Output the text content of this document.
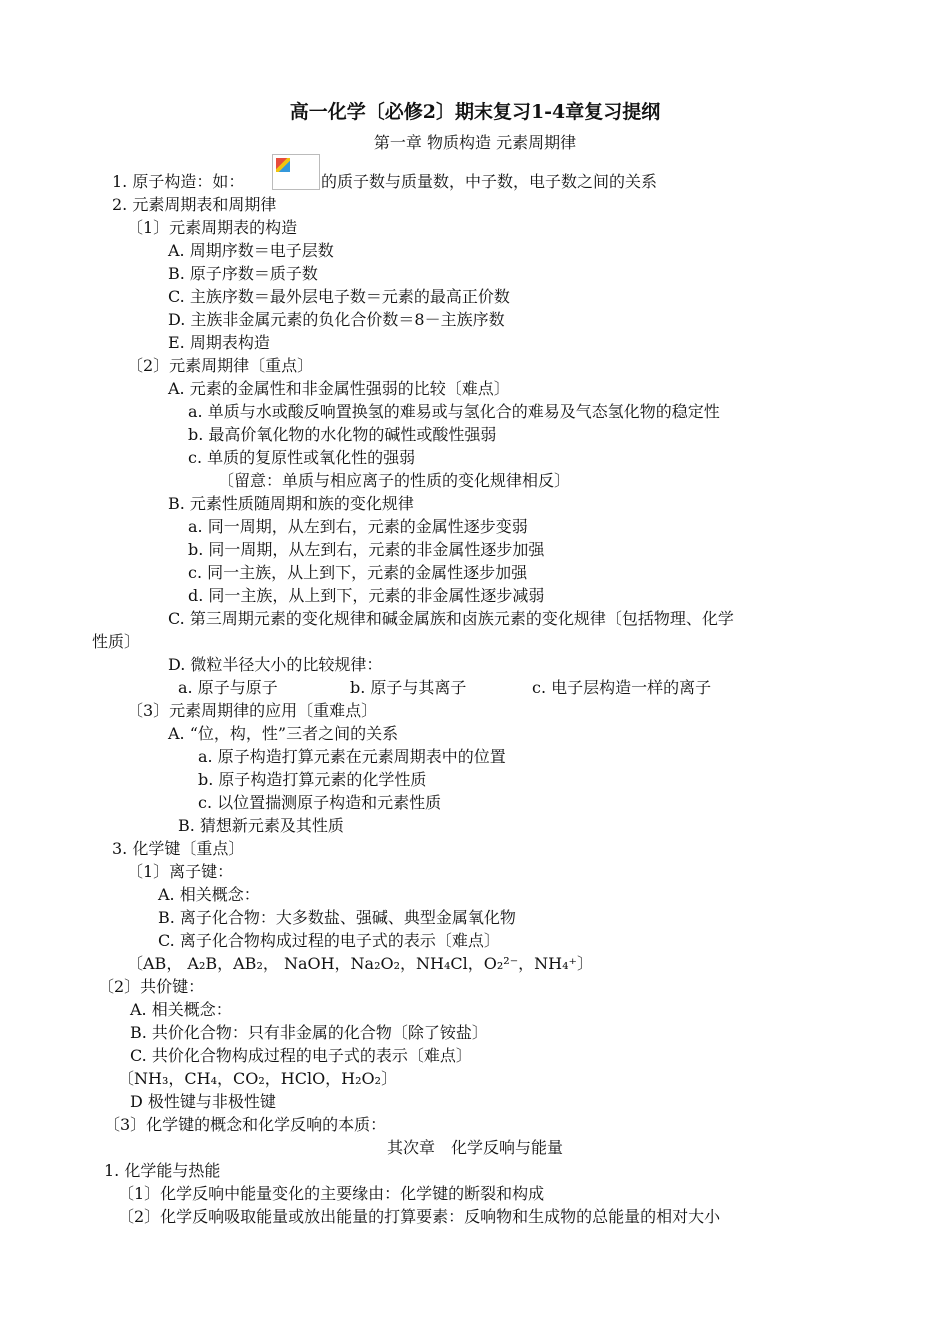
高一化学〔必修2〕期末复习1-4章复习提纲
第一章 物质构造 元素周期律
1. 原子构造：如：	的质子数与质量数，中子数，电子数之间的关系
2. 元素周期表和周期律
〔1〕元素周期表的构造
A. 周期序数＝电子层数
B. 原子序数＝质子数
C. 主族序数＝最外层电子数＝元素的最高正价数
D. 主族非金属元素的负化合价数＝8－主族序数
E. 周期表构造
〔2〕元素周期律〔重点〕
A. 元素的金属性和非金属性强弱的比较〔难点〕
a. 单质与水或酸反响置换氢的难易或与氢化合的难易及气态氢化物的稳定性
b. 最高价氧化物的水化物的碱性或酸性强弱
c. 单质的复原性或氧化性的强弱
〔留意：单质与相应离子的性质的变化规律相反〕
B. 元素性质随周期和族的变化规律
a. 同一周期，从左到右，元素的金属性逐步变弱
b. 同一周期，从左到右，元素的非金属性逐步加强
c. 同一主族，从上到下，元素的金属性逐步加强
d. 同一主族，从上到下，元素的非金属性逐步减弱
C. 第三周期元素的变化规律和碱金属族和卤族元素的变化规律〔包括物理、化学
性质〕
D. 微粒半径大小的比较规律：
a. 原子与原子	b. 原子与其离子	c. 电子层构造一样的离子
〔3〕元素周期律的应用〔重难点〕
A. “位，构，性”三者之间的关系
a. 原子构造打算元素在元素周期表中的位置
b. 原子构造打算元素的化学性质
c. 以位置揣测原子构造和元素性质
B. 猜想新元素及其性质
3. 化学键〔重点〕
〔1〕离子键：
A. 相关概念：
B. 离子化合物：大多数盐、强碱、典型金属氧化物
C. 离子化合物构成过程的电子式的表示〔难点〕
〔AB， A₂B，AB₂， NaOH，Na₂O₂，NH₄Cl，O₂²⁻，NH₄⁺〕
〔2〕共价键：
A. 相关概念：
B. 共价化合物：只有非金属的化合物〔除了铵盐〕
C. 共价化合物构成过程的电子式的表示〔难点〕
〔NH₃，CH₄，CO₂，HClO，H₂O₂〕
D 极性键与非极性键
〔3〕化学键的概念和化学反响的本质：
1. 化学能与热能
〔1〕化学反响中能量变化的主要缘由：化学键的断裂和构成
〔2〕化学反响吸取能量或放出能量的打算要素：反响物和生成物的总能量的相对大小
其次章　化学反响与能量
